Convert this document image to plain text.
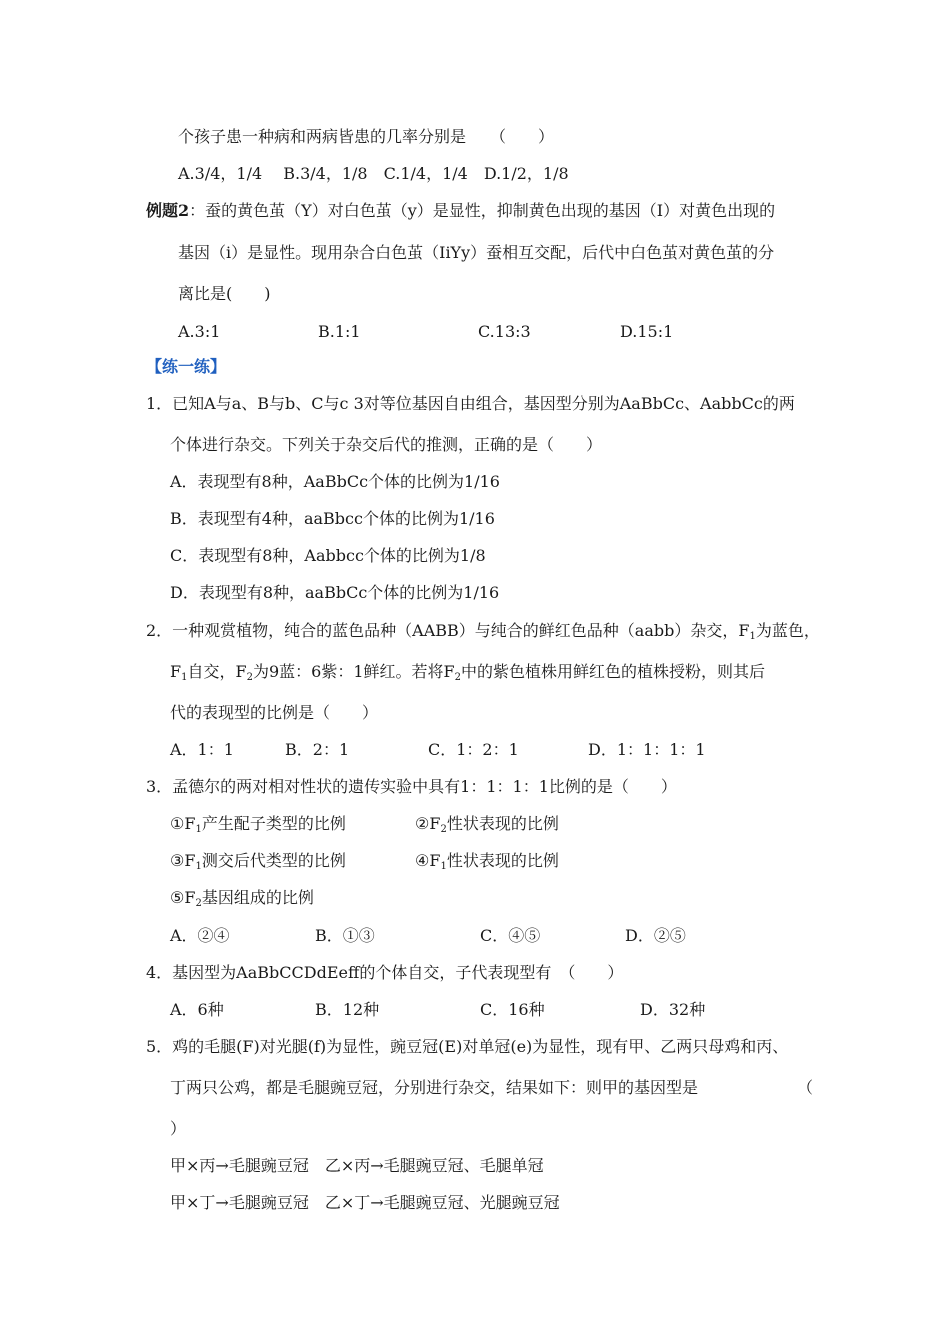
个孩子患一种病和两病皆患的几率分别是　　（　　）
A.3/4，1/4　 B.3/4，1/8　C.1/4，1/4　D.1/2，1/8
例题2：蚕的黄色茧（Y）对白色茧（y）是显性，抑制黄色出现的基因（I）对黄色出现的
基因（i）是显性。现用杂合白色茧（IiYy）蚕相互交配，后代中白色茧对黄色茧的分
离比是(　　)
A.3:1	B.1:1	C.13:3	D.15:1
【练一练】
1．已知A与a、B与b、C与c 3对等位基因自由组合，基因型分别为AaBbCc、AabbCc的两
个体进行杂交。下列关于杂交后代的推测，正确的是（　　）
A．表现型有8种，AaBbCc个体的比例为1/16
B．表现型有4种，aaBbcc个体的比例为1/16
C．表现型有8种，Aabbcc个体的比例为1/8
D．表现型有8种，aaBbCc个体的比例为1/16
2．一种观赏植物，纯合的蓝色品种（AABB）与纯合的鲜红色品种（aabb）杂交，$F_1$为蓝色，
$F_1$自交，$F_2$为9蓝：6紫：1鲜红。若将$F_2$中的紫色植株用鲜红色的植株授粉，则其后
代的表现型的比例是（　　）
A．1：1	B．2：1	C．1：2：1	D．1：1：1：1
3．孟德尔的两对相对性状的遗传实验中具有1：1：1：1比例的是（　　）
$①F_1$产生配子类型的比例	$②F_2$性状表现的比例
$③F_1$测交后代类型的比例	$④F_1$性状表现的比例
$⑤F_2$基因组成的比例
A．②④	B．①③	C．④⑤	D．②⑤
4．基因型为AaBbCCDdEeff的个体自交，子代表现型有　（　　）
A．6种	B．12种	C．16种	D．32种
5．鸡的毛腿(F)对光腿(f)为显性，豌豆冠(E)对单冠(e)为显性，现有甲、乙两只母鸡和丙、
丁两只公鸡，都是毛腿豌豆冠，分别进行杂交，结果如下：则甲的基因型是	（
）
甲×丙→毛腿豌豆冠　乙×丙→毛腿豌豆冠、毛腿单冠
甲×丁→毛腿豌豆冠　乙×丁→毛腿豌豆冠、光腿豌豆冠
